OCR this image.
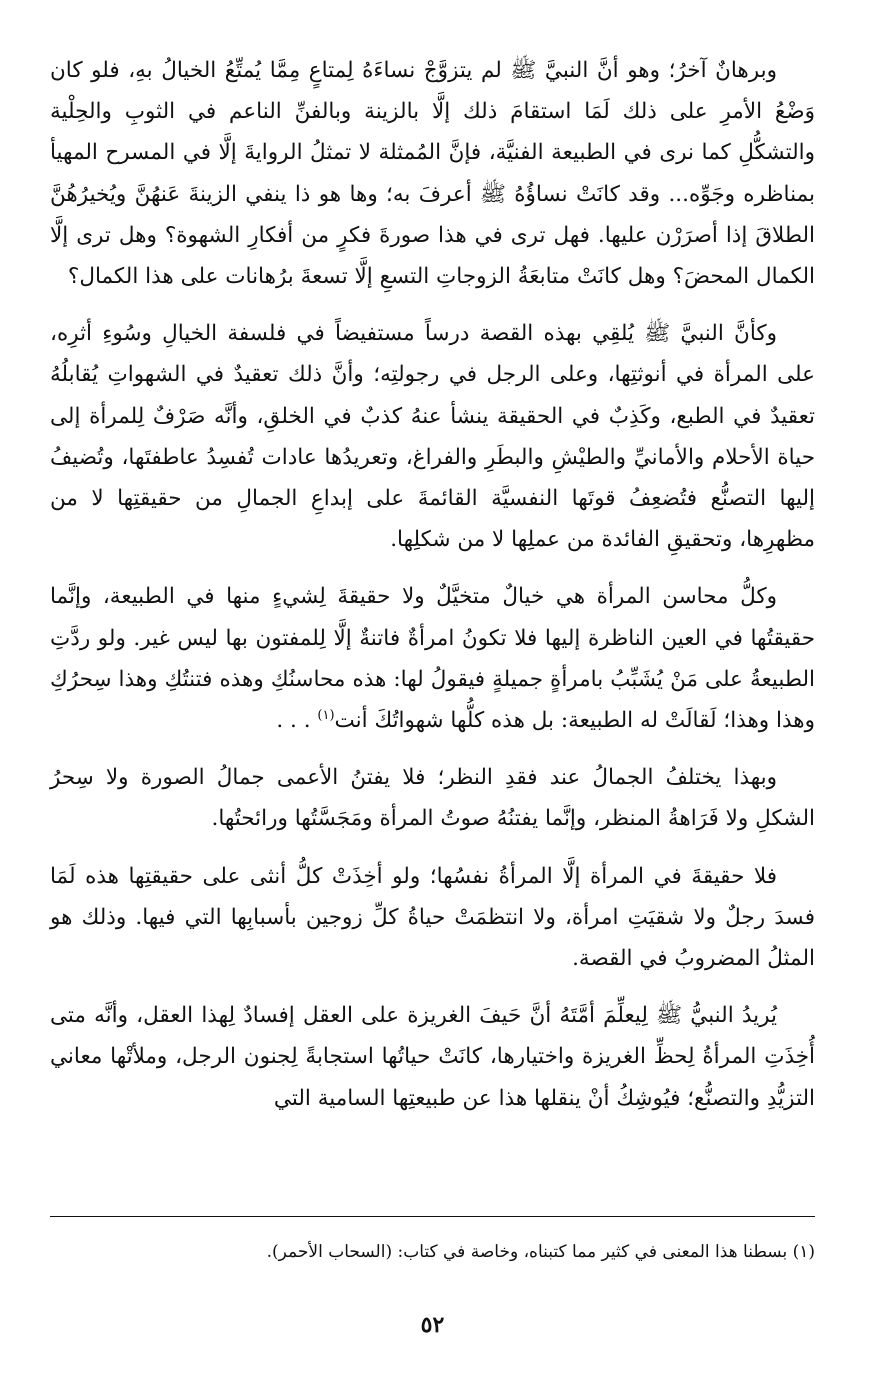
وبرهانٌ آخرُ؛ وهو أنَّ النبيَّ ﷺ لم يتزوَّجْ نساءَهُ لِمتاعٍ مِمَّا يُمتِّعُ الخيالُ بهِ، فلو كان وَضْعُ الأمرِ على ذلك لَمَا استقامَ ذلك إلَّا بالزينة وبالفنِّ الناعم في الثوبِ والحِلْية والتشكُّلِ كما نرى في الطبيعة الفنيَّة، فإنَّ المُمثلة لا تمثلُ الروايةَ إلَّا في المسرح المهيأ بمناظره وجَوِّه... وقد كانَتْ نساؤُهُ ﷺ أعرفَ به؛ وها هو ذا ينفي الزينةَ عَنهُنَّ ويُخيرُهُنَّ الطلاقَ إذا أصرَرْن عليها. فهل ترى في هذا صورةَ فكرٍ من أفكارِ الشهوة؟ وهل ترى إلَّا الكمال المحضَ؟ وهل كانَتْ متابعَةُ الزوجاتِ التسعِ إلَّا تسعةَ برُهانات على هذا الكمال؟

وكأنَّ النبيَّ ﷺ يُلقِي بهذه القصة درساً مستفيضاً في فلسفة الخيالِ وسُوءِ أثرِه، على المرأة في أنوثتِها، وعلى الرجل في رجولتِه؛ وأنَّ ذلك تعقيدٌ في الشهواتِ يُقابلُهُ تعقيدٌ في الطبع، وكَذِبٌ في الحقيقة ينشأ عنهُ كذبٌ في الخلقِ، وأنَّه صَرْفٌ لِلمرأة إلى حياة الأحلام والأمانيِّ والطيْشِ والبطَرِ والفراغ، وتعريدُها عادات تُفسِدُ عاطفتَها، وتُضيفُ إليها التصنُّع فتُضعِفُ قوتَها النفسيَّة القائمةَ على إبداعِ الجمالِ من حقيقتِها لا من مظهرِها، وتحقيقِ الفائدة من عملِها لا من شكلِها.

وكلُّ محاسن المرأة هي خيالٌ متخيَّلٌ ولا حقيقةَ لِشيءٍ منها في الطبيعة، وإنَّما حقيقتُها في العين الناظرة إليها فلا تكونُ امرأةٌ فاتنةٌ إلَّا لِلمفتون بها ليس غير. ولو ردَّتِ الطبيعةُ على مَنْ يُشَبِّبُ بامرأةٍ جميلةٍ فيقولُ لها: هذه محاسنُكِ وهذه فتنتُكِ وهذا سِحرُكِ وهذا وهذا؛ لَقالَتْ له الطبيعة: بل هذه كلُّها شهواتُكَ أنت$^{(١)}$ . . .

وبهذا يختلفُ الجمالُ عند فقدِ النظر؛ فلا يفتنُ الأعمى جمالُ الصورة ولا سِحرُ الشكلِ ولا فَرَاهةُ المنظر، وإنَّما يفتنُهُ صوتُ المرأة ومَجَسَّتُها ورائحتُها.

فلا حقيقةَ في المرأة إلَّا المرأةُ نفسُها؛ ولو أخِذَتْ كلُّ أنثى على حقيقتِها هذه لَمَا فسدَ رجلٌ ولا شقيَتِ امرأة، ولا انتظمَتْ حياةُ كلِّ زوجين بأسبابِها التي فيها. وذلك هو المثلُ المضروبُ في القصة.

يُريدُ النبيُّ ﷺ لِيعلِّمَ أمَّتَهُ أنَّ حَيفَ الغريزة على العقل إفسادٌ لِهذا العقل، وأنَّه متى أُخِذَتِ المرأةُ لِحظِّ الغريزة واختيارها، كانَتْ حياتُها استجابةً لِجنون الرجل، وملأتْها معاني التزيُّدِ والتصنُّع؛ فيُوشِكُ أنْ ينقلها هذا عن طبيعتِها السامية التي

(١) بسطنا هذا المعنى في كثير مما كتبناه، وخاصة في كتاب: (السحاب الأحمر).

٥٢
